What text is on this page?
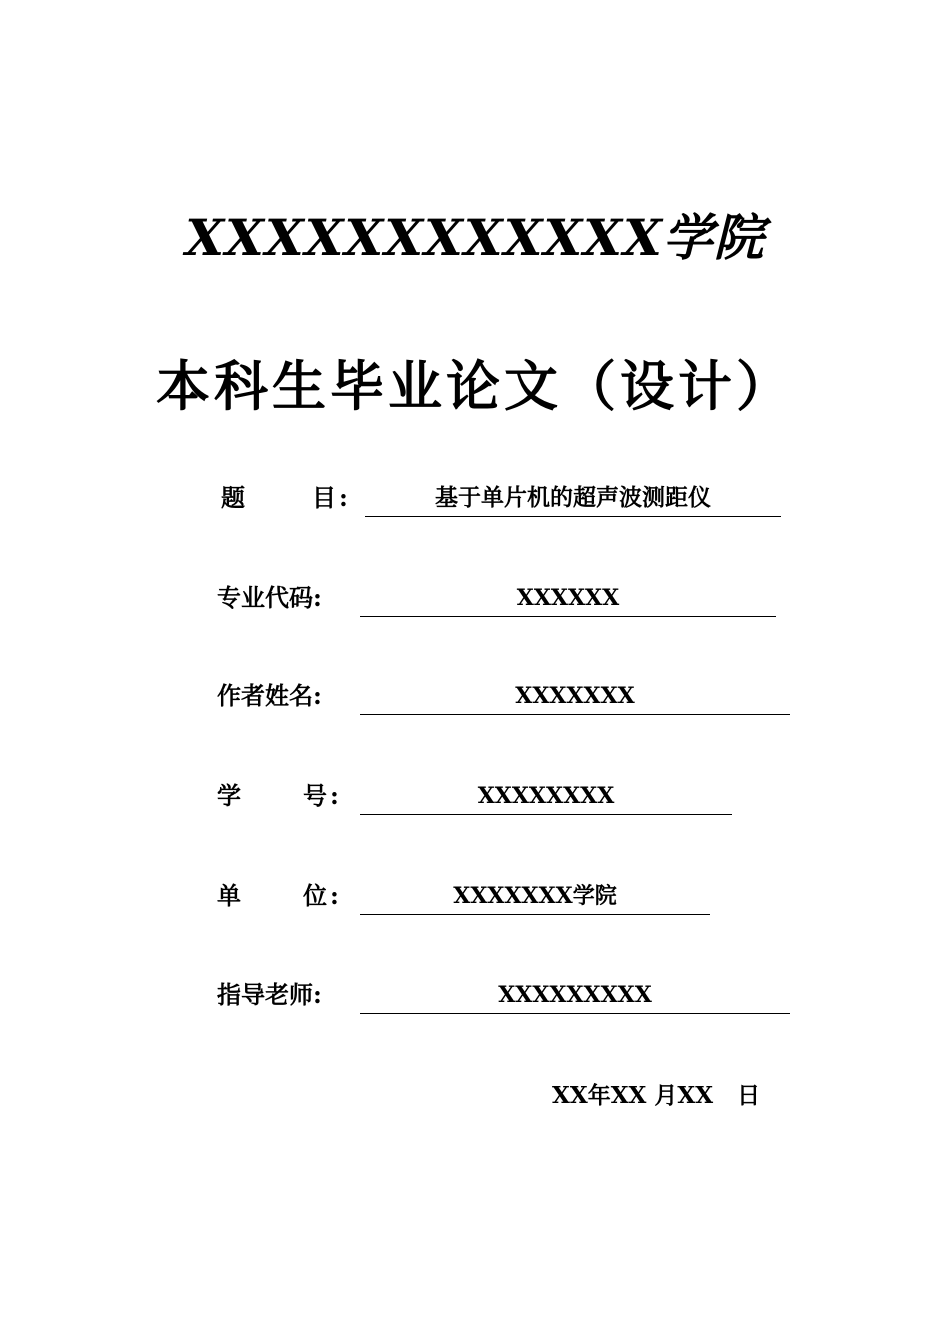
XXXXXXXXXXXX学院
本科生毕业论文（设计）
题	目 :	基于单片机的超声波测距仪
专业代码:	XXXXXX
作者姓名:	XXXXXXX
学	号 :	XXXXXXXX
单	位 :	XXXXXXX学院
指导老师:	XXXXXXXXX
XX年XX 月XX   日
